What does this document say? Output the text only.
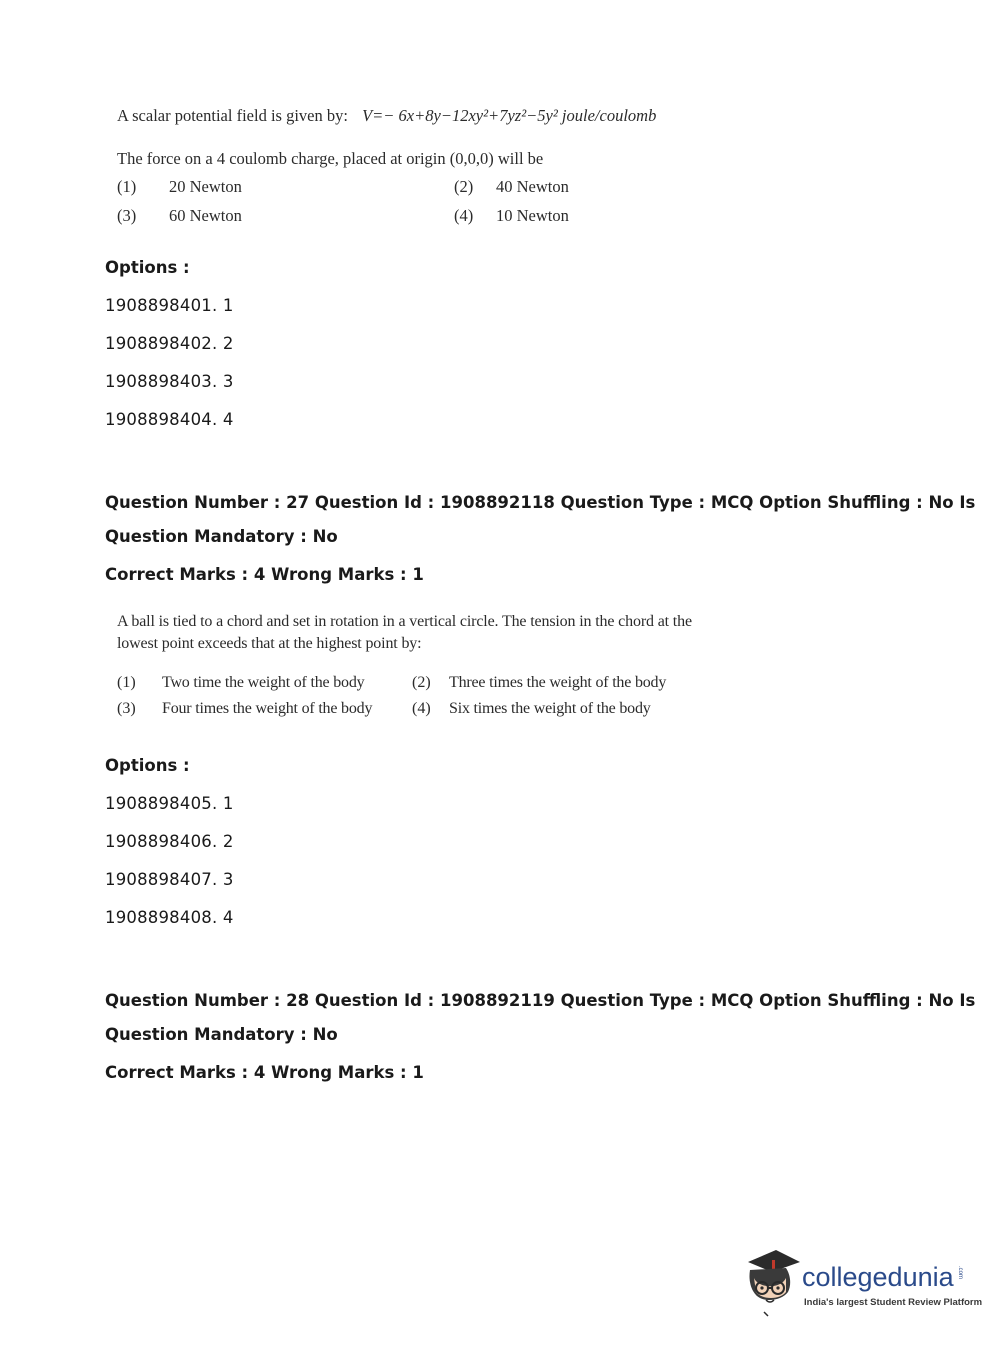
A scalar potential field is given by: V=− 6x+8y−12xy²+7yz²−5y² joule/coulomb
The force on a 4 coulomb charge, placed at origin (0,0,0) will be
(1) 20 Newton	(2) 40 Newton
(3) 60 Newton	(4) 10 Newton
Options :
1908898401. 1
1908898402. 2
1908898403. 3
1908898404. 4
Question Number : 27 Question Id : 1908892118 Question Type : MCQ Option Shuffling : No Is
Question Mandatory : No
Correct Marks : 4 Wrong Marks : 1
A ball is tied to a chord and set in rotation in a vertical circle. The tension in the chord at the
lowest point exceeds that at the highest point by:
(1) Two time the weight of the body	(2) Three times the weight of the body
(3) Four times the weight of the body (4) Six times the weight of the body
Options :
1908898405. 1
1908898406. 2
1908898407. 3
1908898408. 4
Question Number : 28 Question Id : 1908892119 Question Type : MCQ Option Shuffling : No Is
Question Mandatory : No
Correct Marks : 4 Wrong Marks : 1
collegedunia .com
India's largest Student Review Platform
